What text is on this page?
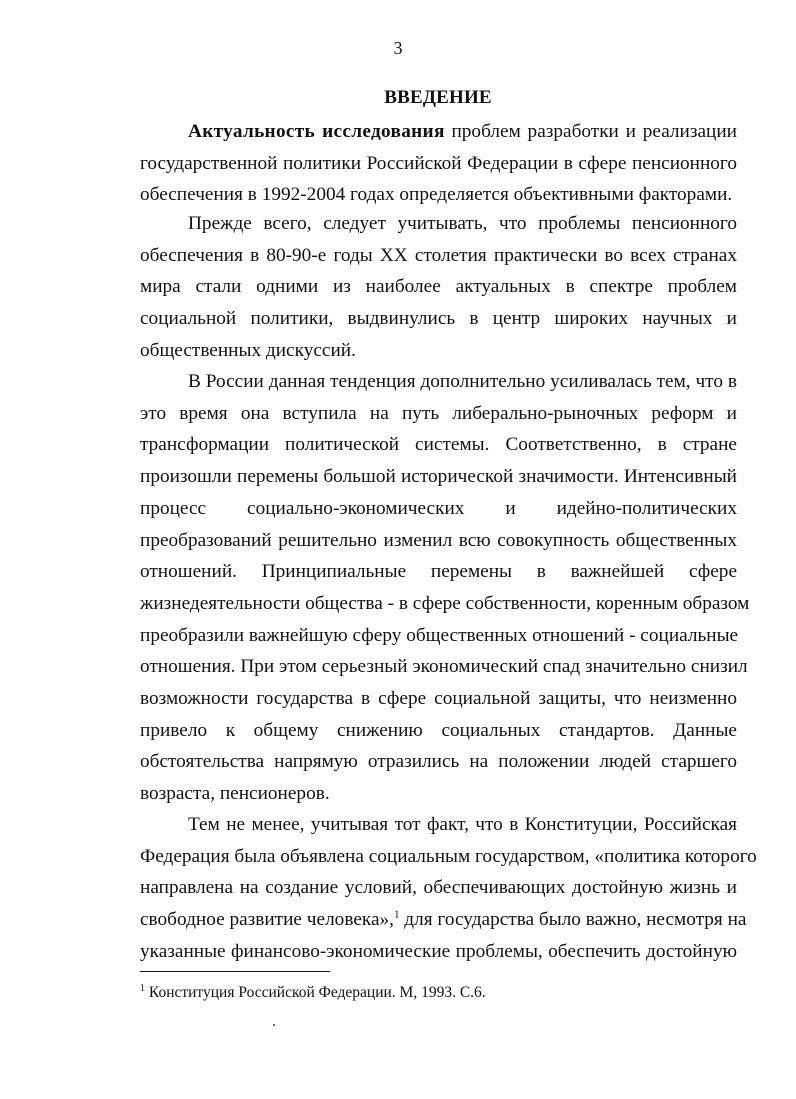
3
ВВЕДЕНИЕ
Актуальность исследования проблем разработки и реализации
государственной политики Российской Федерации в сфере пенсионного
обеспечения в 1992-2004 годах определяется объективными факторами.
Прежде всего, следует учитывать, что проблемы пенсионного
обеспечения в 80-90-е годы XX столетия практически во всех странах
мира стали одними из наиболее актуальных в спектре проблем
социальной политики, выдвинулись в центр широких научных и
общественных дискуссий.
В России данная тенденция дополнительно усиливалась тем, что в
это время она вступила на путь либерально-рыночных реформ и
трансформации политической системы. Соответственно, в стране
произошли перемены большой исторической значимости. Интенсивный
процесс социально-экономических и идейно-политических
преобразований решительно изменил всю совокупность общественных
отношений. Принципиальные перемены в важнейшей сфере
жизнедеятельности общества - в сфере собственности, коренным образом
преобразили важнейшую сферу общественных отношений - социальные
отношения. При этом серьезный экономический спад значительно снизил
возможности государства в сфере социальной защиты, что неизменно
привело к общему снижению социальных стандартов. Данные
обстоятельства напрямую отразились на положении людей старшего
возраста, пенсионеров.
Тем не менее, учитывая тот факт, что в Конституции, Российская
Федерация была объявлена социальным государством, «политика которого
направлена на создание условий, обеспечивающих достойную жизнь и
свободное развитие человека»,$^1$ для государства было важно, несмотря на
указанные финансово-экономические проблемы, обеспечить достойную
$^1$ Конституция Российской Федерации. М, 1993. С.6.
